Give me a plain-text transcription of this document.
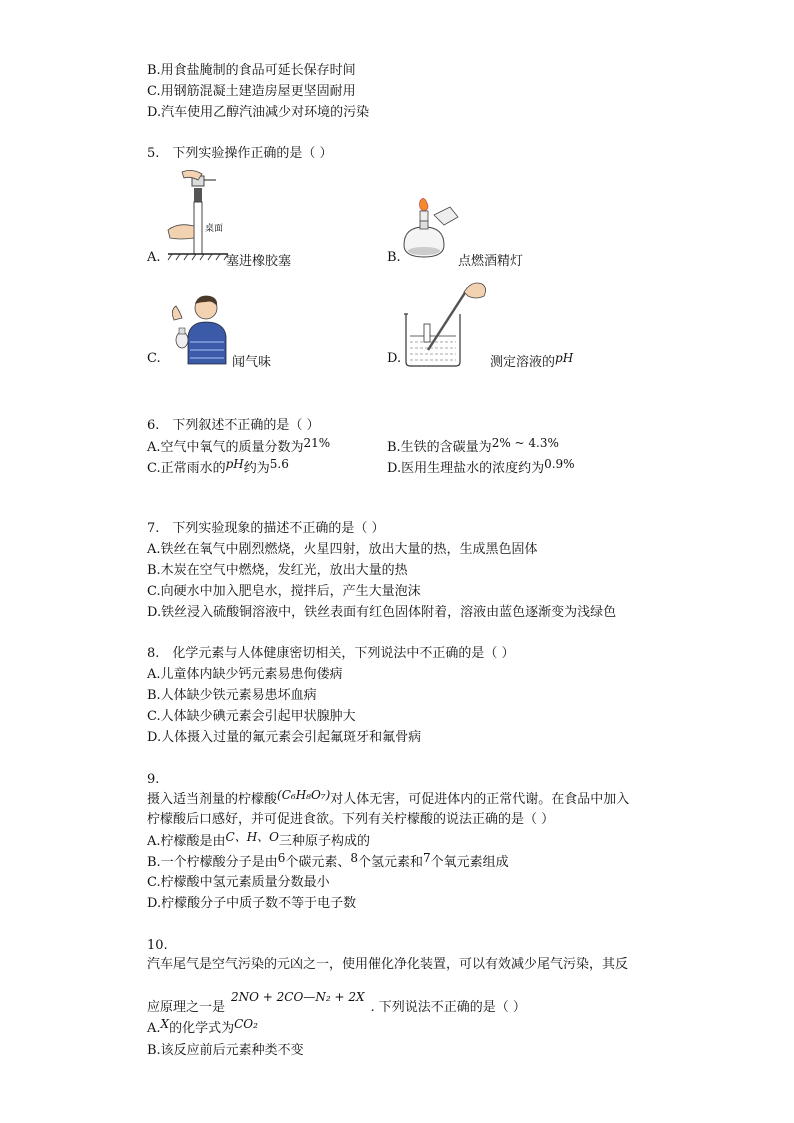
B.用食盐腌制的食品可延长保存时间
C.用钢筋混凝土建造房屋更坚固耐用
D.汽车使用乙醇汽油减少对环境的污染
5.　下列实验操作正确的是（ ）
A.
桌面
塞进橡胶塞	B.	点燃酒精灯
C.	闻气味	D.	测定溶液的pH
6.　下列叙述不正确的是（ ）
A.空气中氧气的质量分数为21%	B.生铁的含碳量为2% ~ 4.3%
C.正常雨水的pH约为5.6	D.医用生理盐水的浓度约为0.9%
7.　下列实验现象的描述不正确的是（ ）
A.铁丝在氧气中剧烈燃烧，火星四射，放出大量的热，生成黑色固体
B.木炭在空气中燃烧，发红光，放出大量的热
C.向硬水中加入肥皂水，搅拌后，产生大量泡沫
D.铁丝浸入硫酸铜溶液中，铁丝表面有红色固体附着，溶液由蓝色逐渐变为浅绿色
8.　化学元素与人体健康密切相关，下列说法中不正确的是（ ）
A.儿童体内缺少钙元素易患佝偻病
B.人体缺少铁元素易患坏血病
C.人体缺少碘元素会引起甲状腺肿大
D.人体摄入过量的氟元素会引起氟斑牙和氟骨病
9.
摄入适当剂量的柠檬酸(C₆H₈O₇)对人体无害，可促进体内的正常代谢。在食品中加入
柠檬酸后口感好，并可促进食欲。下列有关柠檬酸的说法正确的是（ ）
A.柠檬酸是由C、H、O三种原子构成的
B.一个柠檬酸分子是由6个碳元素、8个氢元素和7个氧元素组成
C.柠檬酸中氢元素质量分数最小
D.柠檬酸分子中质子数不等于电子数
10.
汽车尾气是空气污染的元凶之一，使用催化净化装置，可以有效减少尾气污染，其反
应原理之一是2NO + 2CO—N₂ + 2X. 下列说法不正确的是（ ）
A.X的化学式为CO₂
B.该反应前后元素种类不变
